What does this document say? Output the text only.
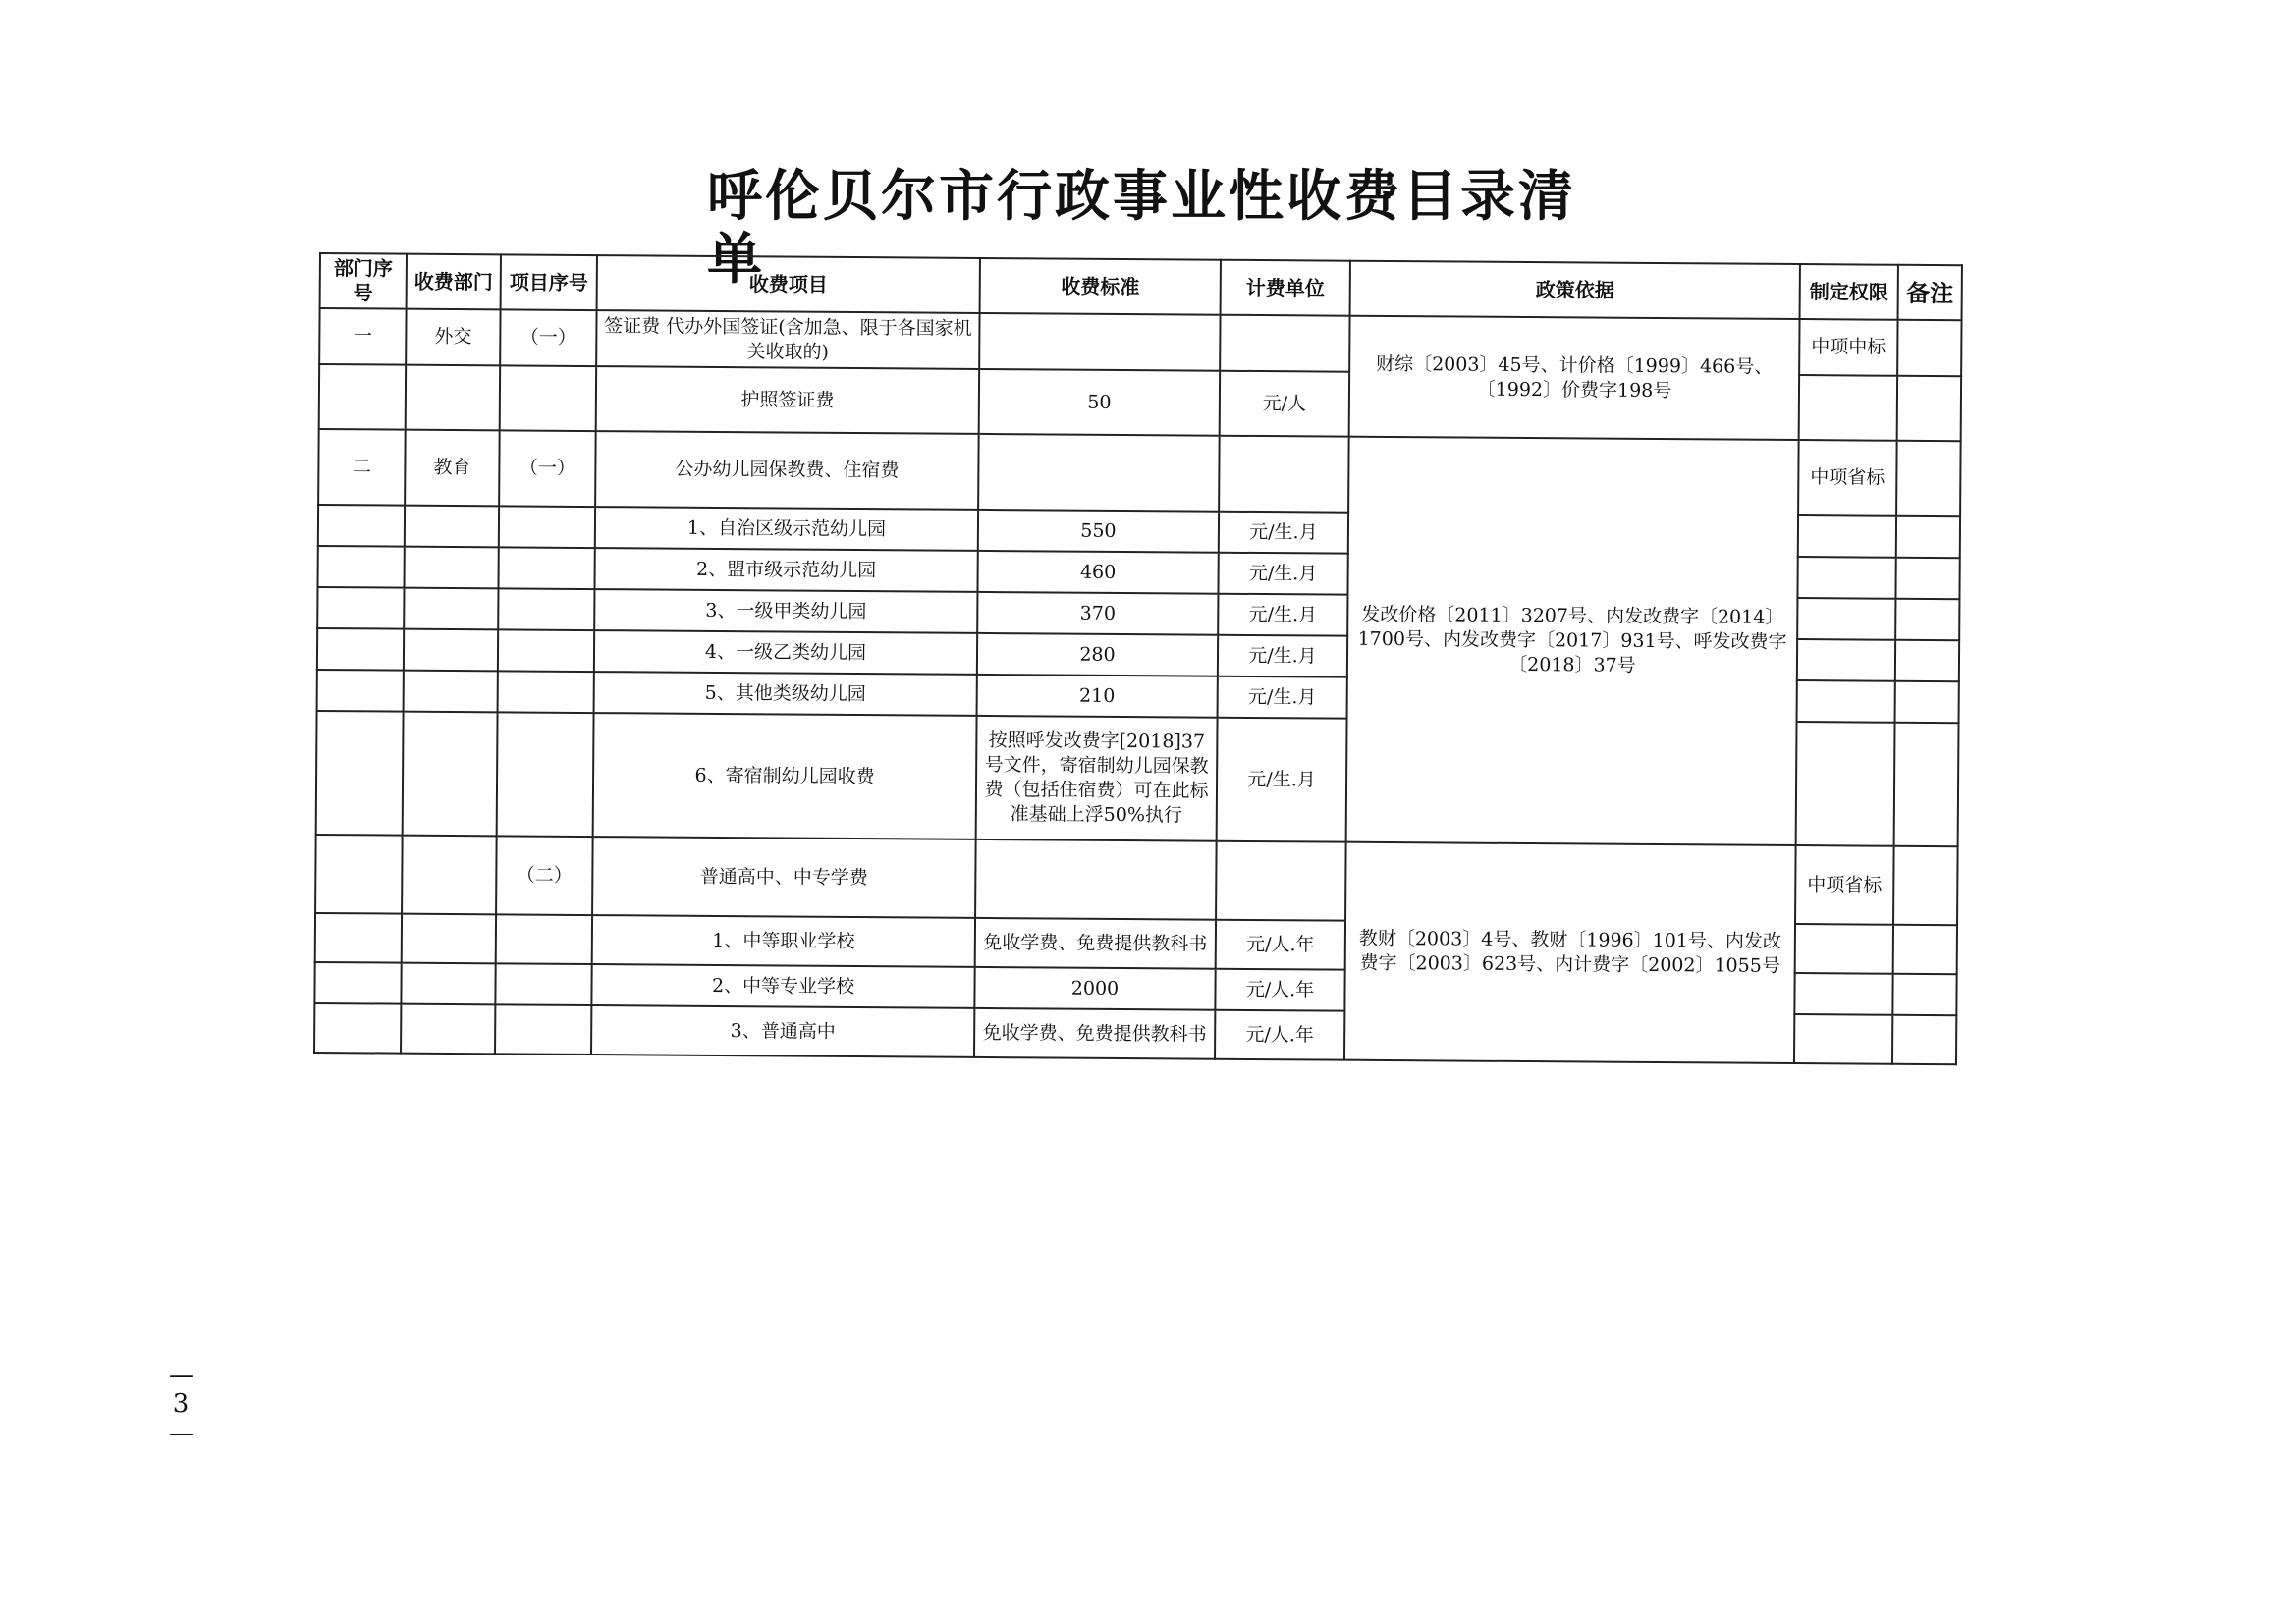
呼伦贝尔市行政事业性收费目录清单
部门序号	收费部门	项目序号	收费项目	收费标准	计费单位	政策依据	制定权限	备注
一	外交	（一）	签证费 代办外国签证(含加急、限于各国家机关收取的)			财综〔2003〕45号、计价格〔1999〕466号、〔1992〕价费字198号	中项中标	
			护照签证费	50	元/人			
二	教育	（一）	公办幼儿园保教费、住宿费			发改价格〔2011〕3207号、内发改费字〔2014〕1700号、内发改费字〔2017〕931号、呼发改费字〔2018〕37号	中项省标	
			1、自治区级示范幼儿园	550	元/生.月			
			2、盟市级示范幼儿园	460	元/生.月			
			3、一级甲类幼儿园	370	元/生.月			
			4、一级乙类幼儿园	280	元/生.月			
			5、其他类级幼儿园	210	元/生.月			
			6、寄宿制幼儿园收费	按照呼发改费字[2018]37号文件，寄宿制幼儿园保教费（包括住宿费）可在此标准基础上浮50%执行	元/生.月			
		（二）	普通高中、中专学费			教财〔2003〕4号、教财〔1996〕101号、内发改费字〔2003〕623号、内计费字〔2002〕1055号	中项省标	
			1、中等职业学校	免收学费、免费提供教科书	元/人.年			
			2、中等专业学校	2000	元/人.年			
			3、普通高中	免收学费、免费提供教科书	元/人.年			
—3—
